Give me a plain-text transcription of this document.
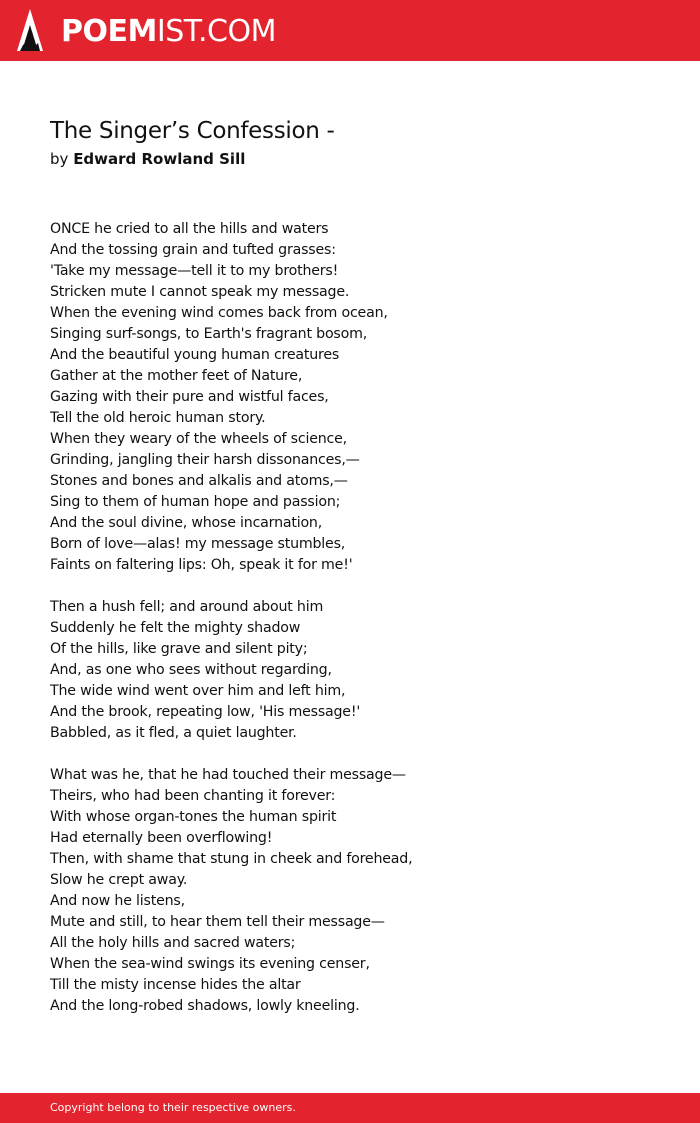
POEMIST.COM
The Singer’s Confession -
by Edward Rowland Sill
ONCE he cried to all the hills and waters
And the tossing grain and tufted grasses:
'Take my message—tell it to my brothers!
Stricken mute I cannot speak my message.
When the evening wind comes back from ocean,
Singing surf-songs, to Earth's fragrant bosom,
And the beautiful young human creatures
Gather at the mother feet of Nature,
Gazing with their pure and wistful faces,
Tell the old heroic human story.
When they weary of the wheels of science,
Grinding, jangling their harsh dissonances,—
Stones and bones and alkalis and atoms,—
Sing to them of human hope and passion;
And the soul divine, whose incarnation,
Born of love—alas! my message stumbles,
Faints on faltering lips: Oh, speak it for me!'
Then a hush fell; and around about him
Suddenly he felt the mighty shadow
Of the hills, like grave and silent pity;
And, as one who sees without regarding,
The wide wind went over him and left him,
And the brook, repeating low, 'His message!'
Babbled, as it fled, a quiet laughter.
What was he, that he had touched their message—
Theirs, who had been chanting it forever:
With whose organ-tones the human spirit
Had eternally been overflowing!
Then, with shame that stung in cheek and forehead,
Slow he crept away.
And now he listens,
Mute and still, to hear them tell their message—
All the holy hills and sacred waters;
When the sea-wind swings its evening censer,
Till the misty incense hides the altar
And the long-robed shadows, lowly kneeling.
Copyright belong to their respective owners.
